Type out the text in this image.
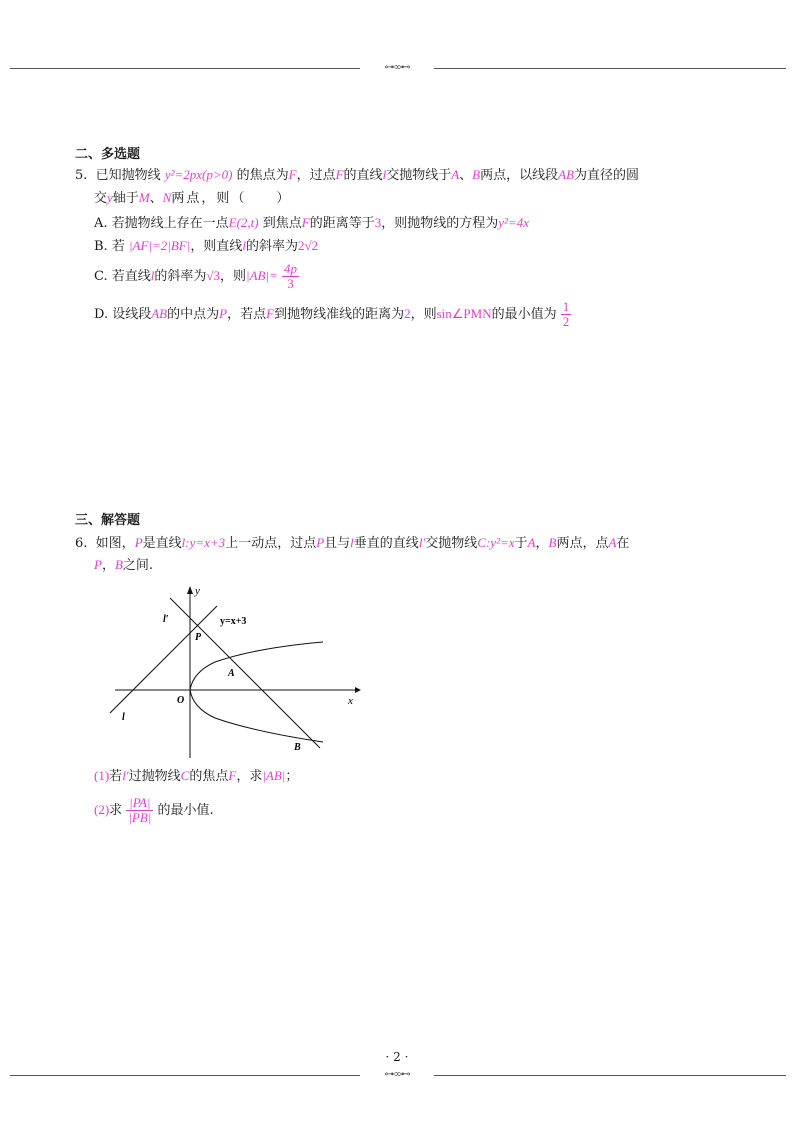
⊶∞⊷
二、多选题
5. 已知抛物线 y²=2px(p>0) 的焦点为F，过点F的直线l交抛物线于A、B两点，以线段AB为直径的圆
交y轴于M、N两点，则（　　）
A. 若抛物线上存在一点E(2,t) 到焦点F的距离等于3，则抛物线的方程为y²=4x
B. 若 |AF|=2|BF|，则直线l的斜率为2√2
C. 若直线l的斜率为√3，则$|AB|= \frac{4p}{3}$
D. 设线段AB的中点为P，若点F到抛物线准线的距离为2，则sin∠PMN的最小值为 $\frac{1}{2}$
三、解答题
6. 如图，P是直线l:y=x+3上一动点，过点P且与l垂直的直线l′交抛物线C:y²=x于A，B两点，点A在
P，B之间.
y
x
O
l′
l
P
A
B
y=x+3
(1)若l′过抛物线C的焦点F，求|AB|；
(2)求 $\frac{|PA|}{|PB|}$ 的最小值.
· 2 ·
⊶∞⊷
